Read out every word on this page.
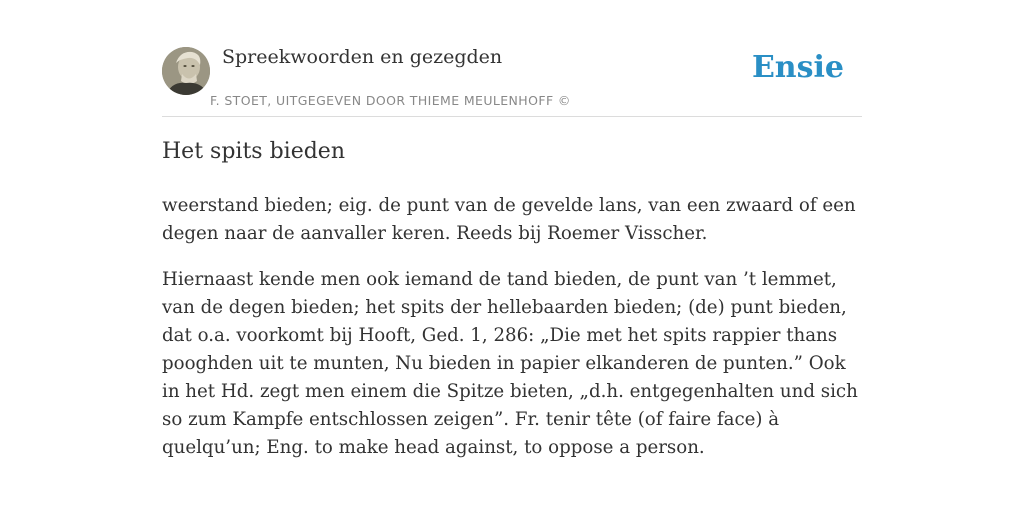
Spreekwoorden en gezegden
F. STOET, UITGEGEVEN DOOR THIEME MEULENHOFF ©
Ensie
Het spits bieden

weerstand bieden; eig. de punt van de gevelde lans, van een zwaard of een degen naar de aanvaller keren. Reeds bij Roemer Visscher.

Hiernaast kende men ook iemand de tand bieden, de punt van ’t lemmet, van de degen bieden; het spits der hellebaarden bieden; (de) punt bieden, dat o.a. voorkomt bij Hooft, Ged. 1, 286: „Die met het spits rappier thans pooghden uit te munten, Nu bieden in papier elkanderen de punten.” Ook in het Hd. zegt men einem die Spitze bieten, „d.h. entgegenhalten und sich so zum Kampfe entschlossen zeigen”. Fr. tenir tête (of faire face) à quelqu’un; Eng. to make head against, to oppose a person.
